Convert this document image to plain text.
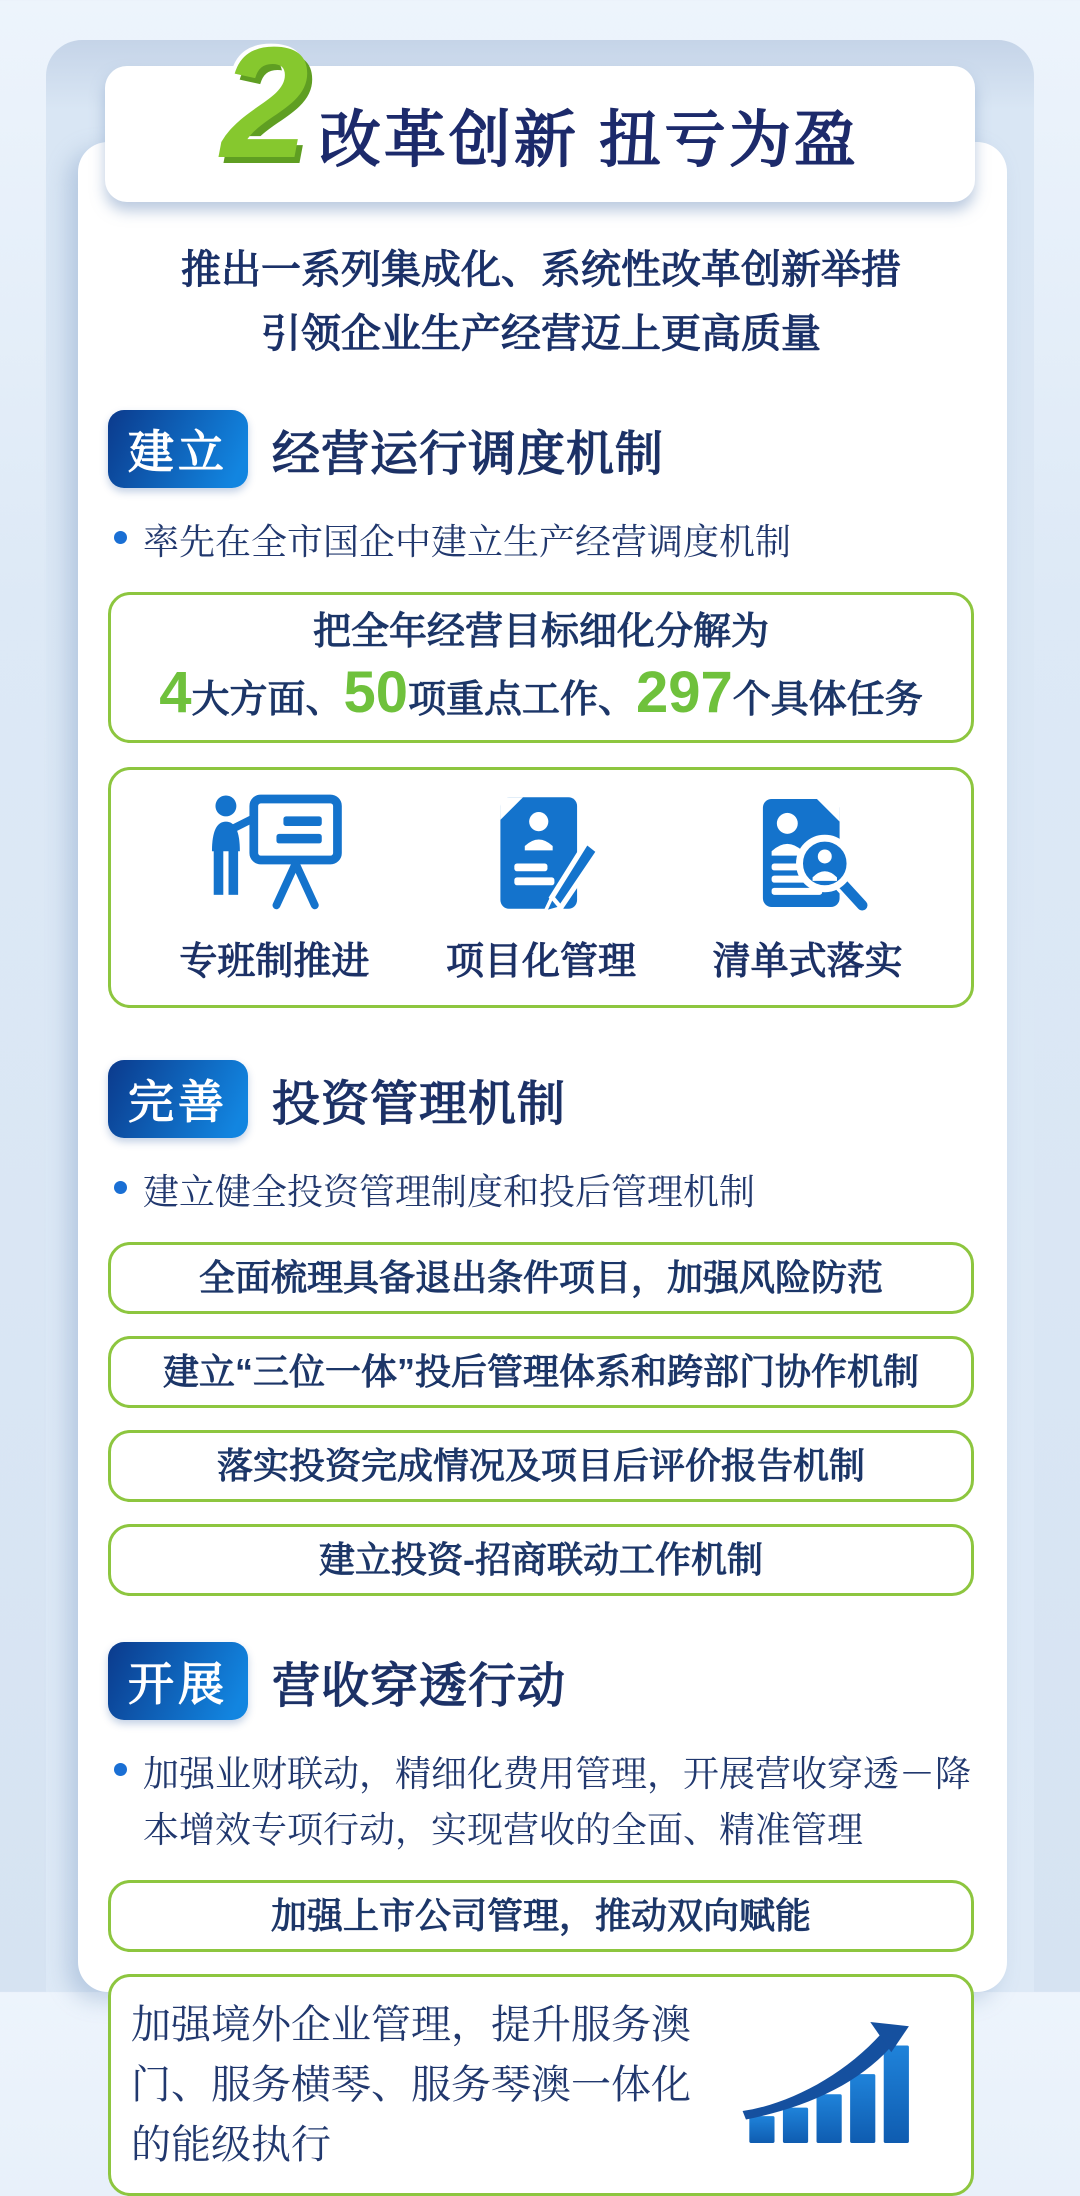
推出一系列集成化、系统性改革创新举措
引领企业生产经营迈上更高质量
建立 经营运行调度机制
率先在全市国企中建立生产经营调度机制
把全年经营目标细化分解为
4大方面、50项重点工作、297个具体任务
专班制推进 项目化管理 清单式落实
完善 投资管理机制
建立健全投资管理制度和投后管理机制
全面梳理具备退出条件项目，加强风险防范
建立“三位一体”投后管理体系和跨部门协作机制
落实投资完成情况及项目后评价报告机制
建立投资-招商联动工作机制
开展 营收穿透行动
加强业财联动，精细化费用管理，开展营收穿透－降本增效专项行动，实现营收的全面、精准管理
加强上市公司管理，推动双向赋能
加强境外企业管理，提升服务澳门、服务横琴、服务琴澳一体化的能级执行
2 改革创新 扭亏为盈
